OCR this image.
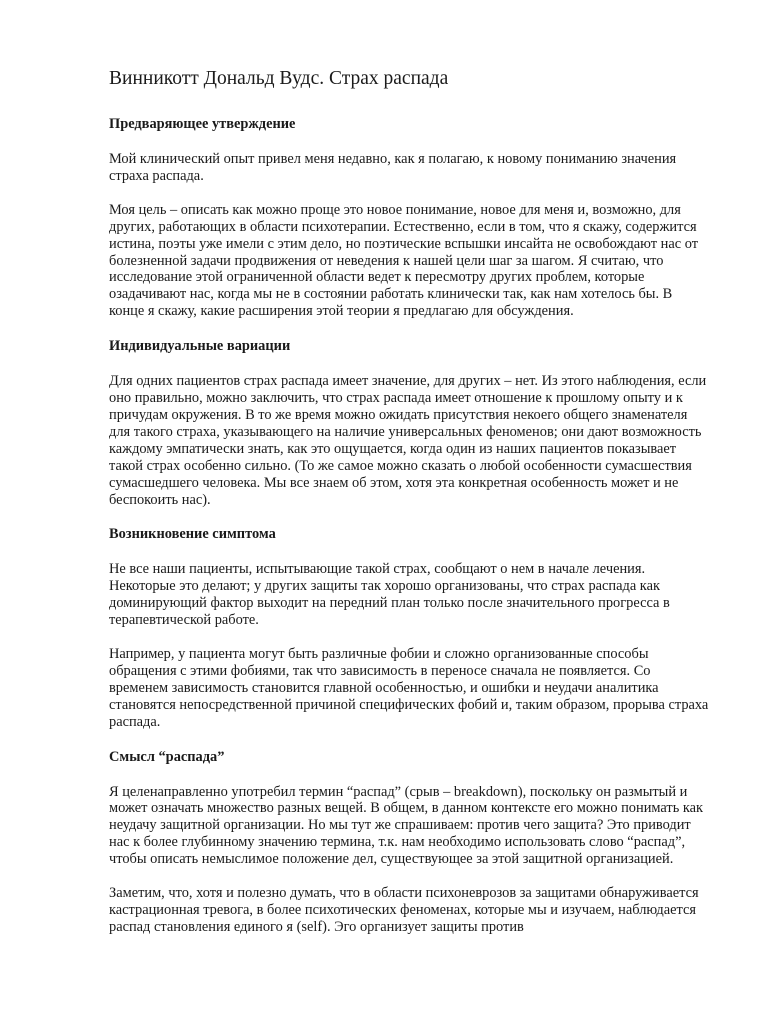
Винникотт Дональд Вудс. Страх распада
Предваряющее утверждение

Мой клинический опыт привел меня недавно, как я полагаю, к новому пониманию значения страха распада.

Моя цель – описать как можно проще это новое понимание, новое для меня и, возможно, для других, работающих в области психотерапии. Естественно, если в том, что я скажу, содержится истина, поэты уже имели с этим дело, но поэтические вспышки инсайта не освобождают нас от болезненной задачи продвижения от неведения к нашей цели шаг за шагом. Я считаю, что исследование этой ограниченной области ведет к пересмотру других проблем, которые озадачивают нас, когда мы не в состоянии работать клинически так, как нам хотелось бы. В конце я скажу, какие расширения этой теории я предлагаю для обсуждения.

Индивидуальные вариации

Для одних пациентов страх распада имеет значение, для других – нет. Из этого наблюдения, если оно правильно, можно заключить, что страх распада имеет отношение к прошлому опыту и к причудам окружения. В то же время можно ожидать присутствия некоего общего знаменателя для такого страха, указывающего на наличие универсальных феноменов; они дают возможность каждому эмпатически знать, как это ощущается, когда один из наших пациентов показывает такой страх особенно сильно. (То же самое можно сказать о любой особенности сумасшествия сумасшедшего человека. Мы все знаем об этом, хотя эта конкретная особенность может и не беспокоить нас).

Возникновение симптома

Не все наши пациенты, испытывающие такой страх, сообщают о нем в начале лечения. Некоторые это делают; у других защиты так хорошо организованы, что страх распада как доминирующий фактор выходит на передний план только после значительного прогресса в терапевтической работе.

Например, у пациента могут быть различные фобии и сложно организованные способы обращения с этими фобиями, так что зависимость в переносе сначала не появляется. Со временем зависимость становится главной особенностью, и ошибки и неудачи аналитика становятся непосредственной причиной специфических фобий и, таким образом, прорыва страха распада.

Смысл “распада”

Я целенаправленно употребил термин “распад” (срыв – breakdown), поскольку он размытый и может означать множество разных вещей. В общем, в данном контексте его можно понимать как неудачу защитной организации. Но мы тут же спрашиваем: против чего защита? Это приводит нас к более глубинному значению термина, т.к. нам необходимо использовать слово “распад”, чтобы описать немыслимое положение дел, существующее за этой защитной организацией.

Заметим, что, хотя и полезно думать, что в области психоневрозов за защитами обнаруживается кастрационная тревога, в более психотических феноменах, которые мы и изучаем, наблюдается распад становления единого я (self). Эго организует защиты против
